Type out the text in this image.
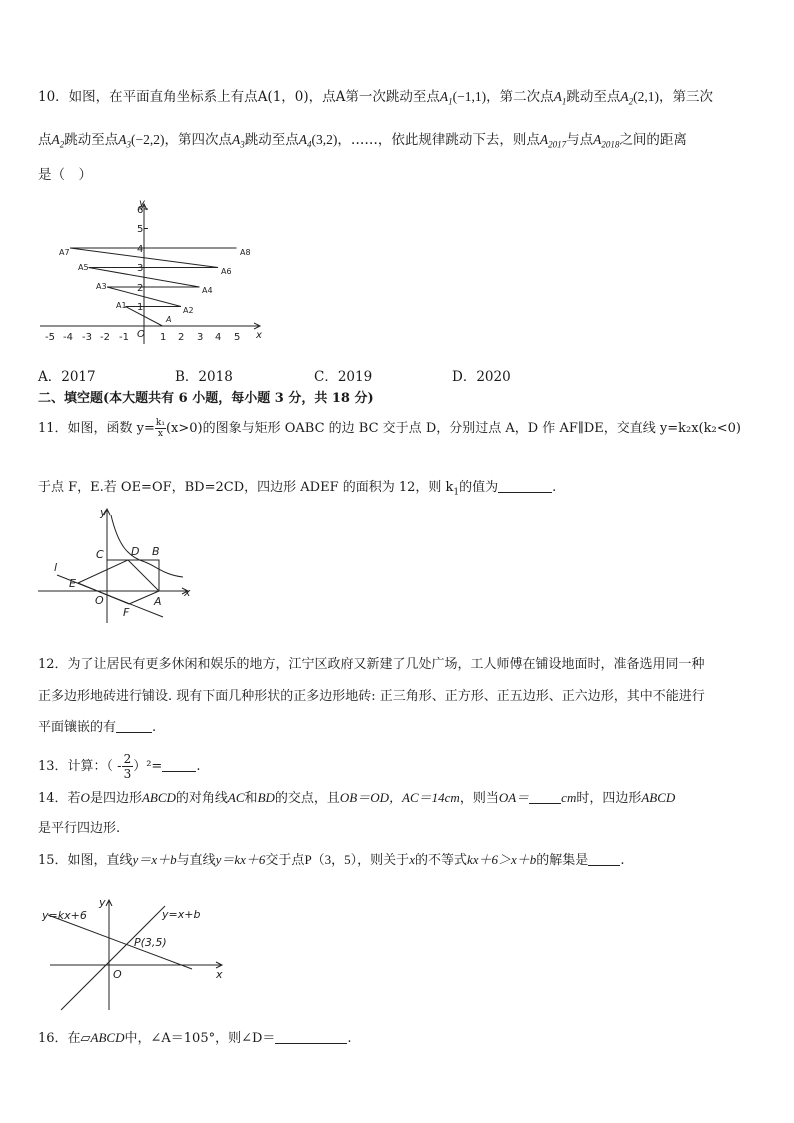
10．如图，在平面直角坐标系上有点A(1，0)，点A第一次跳动至点$A_1(-1,1)$，第二次点$A_1$跳动至点$A_2(2,1)$，第三次
点$A_2$跳动至点$A_3(-2,2)$，第四次点$A_3$跳动至点$A_4(3,2)$，……，依此规律跳动下去，则点$A_{2017}$与点$A_{2018}$之间的距离
是（　）
-5 -4 -3 -2 -1 O 1 2 3 4 5 x
1
2
3
4
5
6
y
A
A1
A2
A3	A4
A5	A6
A7	A8
A．2017	B．2018	C．2019	D．2020
二、填空题(本大题共有 6 小题，每小题 3 分，共 18 分)
11．如图，函数 $y= \frac{\text{k₁}}{x} (x>0)$的图象与矩形 OABC 的边 BC 交于点 D，分别过点 A，D 作 AF∥DE，交直线 y=k₂x(k₂<0)
于点 F，E.若 OE=OF，BD=2CD，四边形 ADEF 的面积为 12，则 $k_1$的值为	.
y
x
l
C D B
E
O	A
F
12．为了让居民有更多休闲和娱乐的地方，江宁区政府又新建了几处广场，工人师傅在铺设地面时，准备选用同一种
正多边形地砖进行铺设. 现有下面几种形状的正多边形地砖: 正三角形、正方形、正五边形、正六边形，其中不能进行
平面镶嵌的有	.
13．计算：（ - $\frac{2}{3} )^2=$	.
14．若O是四边形ABCD的对角线AC和BD的交点，且OB＝OD，AC＝14cm，则当OA＝ cm时，四边形ABCD
是平行四边形.
15．如图，直线y＝x＋b与直线y＝kx＋6交于点P（3，5），则关于x的不等式kx＋6＞x＋b的解集是 .
y=kx+6	y=x+b
P(3,5)
y
x
O
16．在▱ABCD中，∠A＝105°，则∠D＝	.
